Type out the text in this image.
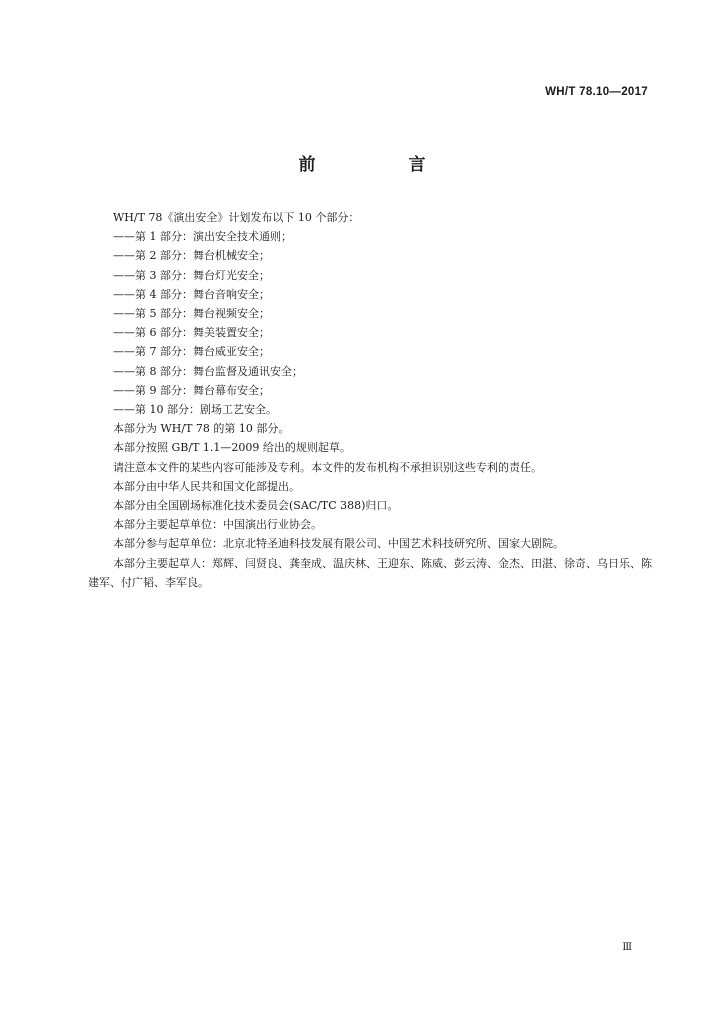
WH/T 78.10—2017
前　言

WH/T 78《演出安全》计划发布以下 10 个部分：

——第 1 部分：演出安全技术通则；

——第 2 部分：舞台机械安全；

——第 3 部分：舞台灯光安全；

——第 4 部分：舞台音响安全；

——第 5 部分：舞台视频安全；

——第 6 部分：舞美装置安全；

——第 7 部分：舞台威亚安全；

——第 8 部分：舞台监督及通讯安全；

——第 9 部分：舞台幕布安全；

——第 10 部分：剧场工艺安全。

本部分为 WH/T 78 的第 10 部分。

本部分按照 GB/T 1.1—2009 给出的规则起草。

请注意本文件的某些内容可能涉及专利。本文件的发布机构不承担识别这些专利的责任。

本部分由中华人民共和国文化部提出。

本部分由全国剧场标准化技术委员会(SAC/TC 388)归口。

本部分主要起草单位：中国演出行业协会。

本部分参与起草单位：北京北特圣迪科技发展有限公司、中国艺术科技研究所、国家大剧院。

本部分主要起草人：郑辉、闫贤良、龚奎成、温庆林、王迎东、陈威、彭云涛、金杰、田湛、徐奇、乌日乐、陈建军、付广韬、李军良。

Ⅲ
